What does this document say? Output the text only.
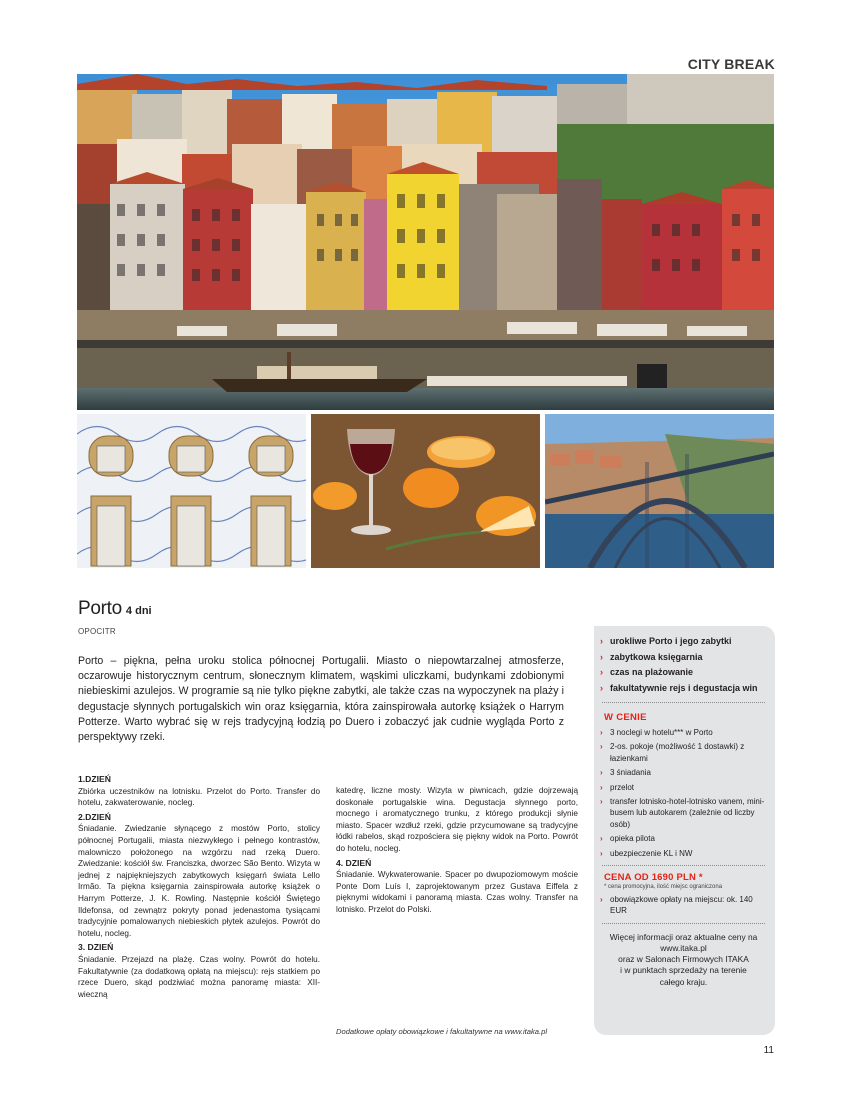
CITY BREAK
Porto 4 dni
OPOCITR

Porto – piękna, pełna uroku stolica północnej Portugalii. Miasto o niepowtarzalnej atmosferze, oczarowuje historycznym centrum, słonecznym klimatem, wąskimi uliczkami, budynkami zdobionymi niebieskimi azulejos. W programie są nie tylko piękne zabytki, ale także czas na wypoczynek na plaży i degustacje słynnych portugalskich win oraz księgarnia, która zainspirowała autorkę książek o Harrym Potterze. Warto wybrać się w rejs tradycyjną łodzią po Duero i zobaczyć jak cudnie wygląda Porto z perspektywy rzeki.

1.DZIEŃ

Zbiórka uczestników na lotnisku. Przelot do Porto. Transfer do hotelu, zakwaterowanie, nocleg.

2.DZIEŃ

Śniadanie. Zwiedzanie słynącego z mostów Porto, stolicy północnej Portugalii, miasta niezwykłego i pełnego kontrastów, malowniczo położonego na wzgórzu nad rzeką Duero. Zwiedzanie: kościół św. Franciszka, dworzec São Bento. Wizyta w jednej z najpiękniejszych zabytkowych księgarń świata Lello Irmão. Ta piękna księgarnia zainspirowała autorkę książek o Harrym Potterze, J. K. Rowling. Następnie kościół Świętego Ildefonsa, od zewnątrz pokryty ponad jedenastoma tysiącami tradycyjnie pomalowanych niebieskich płytek azulejos. Powrót do hotelu, nocleg.

3. DZIEŃ

Śniadanie. Przejazd na plażę. Czas wolny. Powrót do hotelu. Fakultatywnie (za dodatkową opłatą na miejscu): rejs statkiem po rzece Duero, skąd podziwiać można panoramę miasta: XII-wieczną

katedrę, liczne mosty. Wizyta w piwnicach, gdzie dojrzewają doskonałe portugalskie wina. Degustacja słynnego porto, mocnego i aromatycznego trunku, z którego produkcji słynie miasto. Spacer wzdłuż rzeki, gdzie przycumowane są tradycyjne łódki rabelos, skąd rozpościera się piękny widok na Porto. Powrót do hotelu, nocleg.

4. DZIEŃ

Śniadanie. Wykwaterowanie. Spacer po dwupoziomowym moście Ponte Dom Luís I, zaprojektowanym przez Gustava Eiffela z pięknymi widokami i panoramą miasta. Czas wolny. Transfer na lotnisko. Przelot do Polski.

Dodatkowe opłaty obowiązkowe i fakultatywne na www.itaka.pl
› urokliwe Porto i jego zabytki
› zabytkowa księgarnia
› czas na plażowanie
› fakultatywnie rejs i degustacja win
W CENIE
› 3 noclegi w hotelu*** w Porto
› 2-os. pokoje (możliwość 1 dostawki) z łazienkami
› 3 śniadania
› przelot
› transfer lotnisko-hotel-lotnisko vanem, mini-busem lub autokarem (zależnie od liczby osób)
› opieka pilota
› ubezpieczenie KL i NW
CENA OD 1690 PLN *
* cena promocyjna, ilość miejsc ograniczona
› obowiązkowe opłaty na miejscu: ok. 140 EUR
Więcej informacji oraz aktualne ceny na
www.itaka.pl
oraz w Salonach Firmowych ITAKA
i w punktach sprzedaży na terenie
całego kraju.
11
